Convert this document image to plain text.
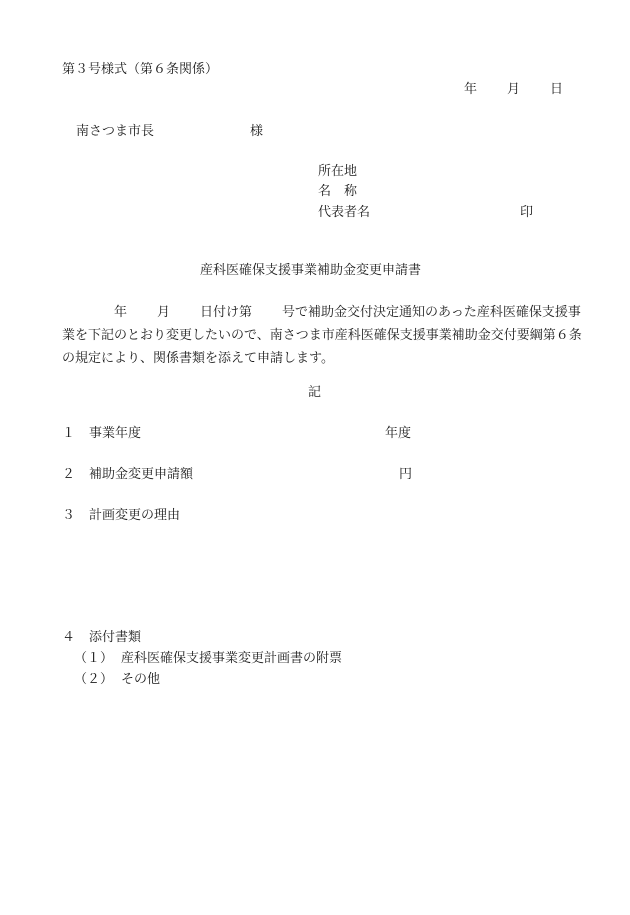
第３号様式（第６条関係）
年 月 日
南さつま市長	様
所在地
名　称
代表者名	印
産科医確保支援事業補助金変更申請書
年 月 日付け第 号で補助金交付決定通知のあった産科医確保支援事業を下記のとおり変更したいので、南さつま市産科医確保支援事業補助金交付要綱第６条の規定により、関係書類を添えて申請します。
記
１ 事業年度	年度
２ 補助金変更申請額	円
３ 計画変更の理由
４ 添付書類
（１） 産科医確保支援事業変更計画書の附票
（２） その他
